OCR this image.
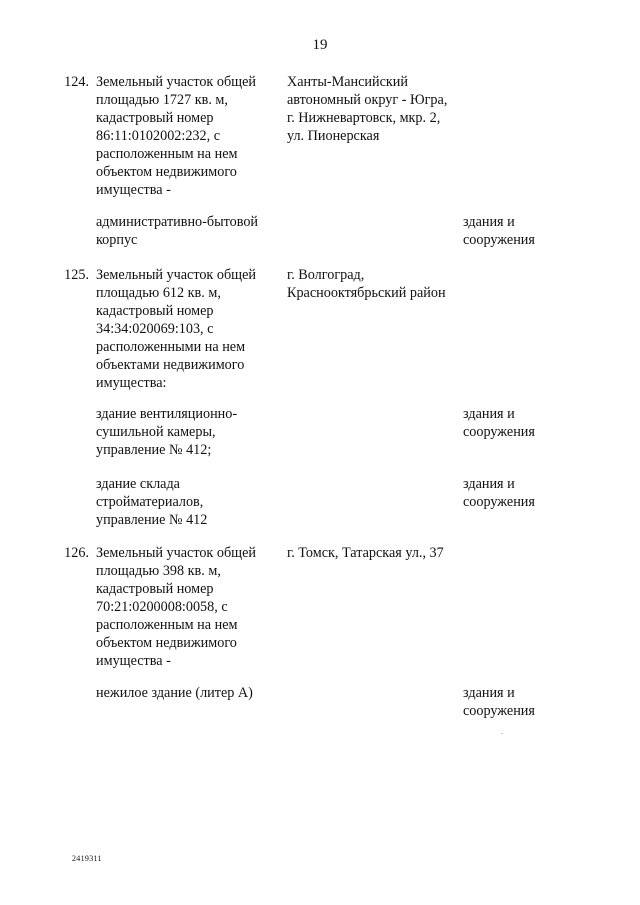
19
124. Земельный участок общей
площадью 1727 кв. м,
кадастровый номер
86:11:0102002:232, с
расположенным на нем
объектом недвижимого
имущества -
Ханты-Мансийский
автономный округ - Югра,
г. Нижневартовск, мкр. 2,
ул. Пионерская
административно-бытовой
корпус
здания и
сооружения
125. Земельный участок общей
площадью 612 кв. м,
кадастровый номер
34:34:020069:103, с
расположенными на нем
объектами недвижимого
имущества:
г. Волгоград,
Краснооктябрьский район
здание вентиляционно-
сушильной камеры,
управление № 412;
здания и
сооружения
здание склада
стройматериалов,
управление № 412
здания и
сооружения
126. Земельный участок общей
площадью 398 кв. м,
кадастровый номер
70:21:0200008:0058, с
расположенным на нем
объектом недвижимого
имущества -
г. Томск, Татарская ул., 37
нежилое здание (литер А)	здания и
сооружения
2419311
